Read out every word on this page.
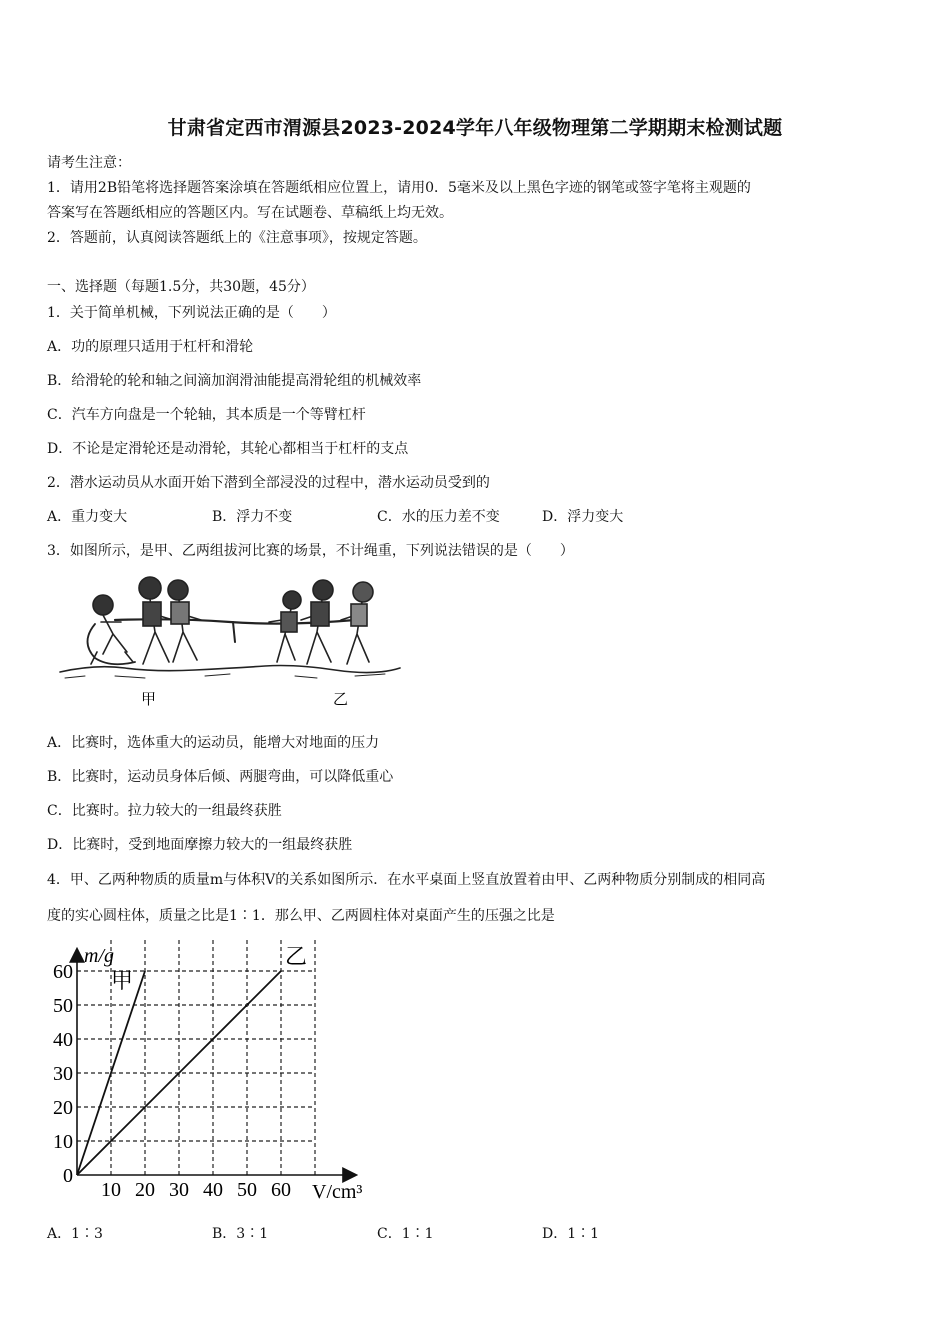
甘肃省定西市渭源县2023-2024学年八年级物理第二学期期末检测试题
请考生注意：
1．请用2B铅笔将选择题答案涂填在答题纸相应位置上，请用0．5毫米及以上黑色字迹的钢笔或签字笔将主观题的
答案写在答题纸相应的答题区内。写在试题卷、草稿纸上均无效。
2．答题前，认真阅读答题纸上的《注意事项》，按规定答题。
一、选择题（每题1.5分，共30题，45分）
1．关于简单机械，下列说法正确的是（　　）
A．功的原理只适用于杠杆和滑轮
B．给滑轮的轮和轴之间滴加润滑油能提高滑轮组的机械效率
C．汽车方向盘是一个轮轴，其本质是一个等臂杠杆
D．不论是定滑轮还是动滑轮，其轮心都相当于杠杆的支点
2．潜水运动员从水面开始下潜到全部浸没的过程中，潜水运动员受到的
A．重力变大	B．浮力不变	C．水的压力差不变	D．浮力变大
3．如图所示，是甲、乙两组拔河比赛的场景，不计绳重，下列说法错误的是（　　）
甲	乙
A．比赛时，选体重大的运动员，能增大对地面的压力
B．比赛时，运动员身体后倾、两腿弯曲，可以降低重心
C．比赛时。拉力较大的一组最终获胜
D．比赛时，受到地面摩擦力较大的一组最终获胜
4．甲、乙两种物质的质量m与体积V的关系如图所示．在水平桌面上竖直放置着由甲、乙两种物质分别制成的相同高
度的实心圆柱体，质量之比是1∶1．那么甲、乙两圆柱体对桌面产生的压强之比是
甲
乙
0
10
20
30
40
50
60
10 20 30 40 50 60
m/g
V/cm³
A．1∶3	B．3∶1	C．1∶1	D．1∶1
